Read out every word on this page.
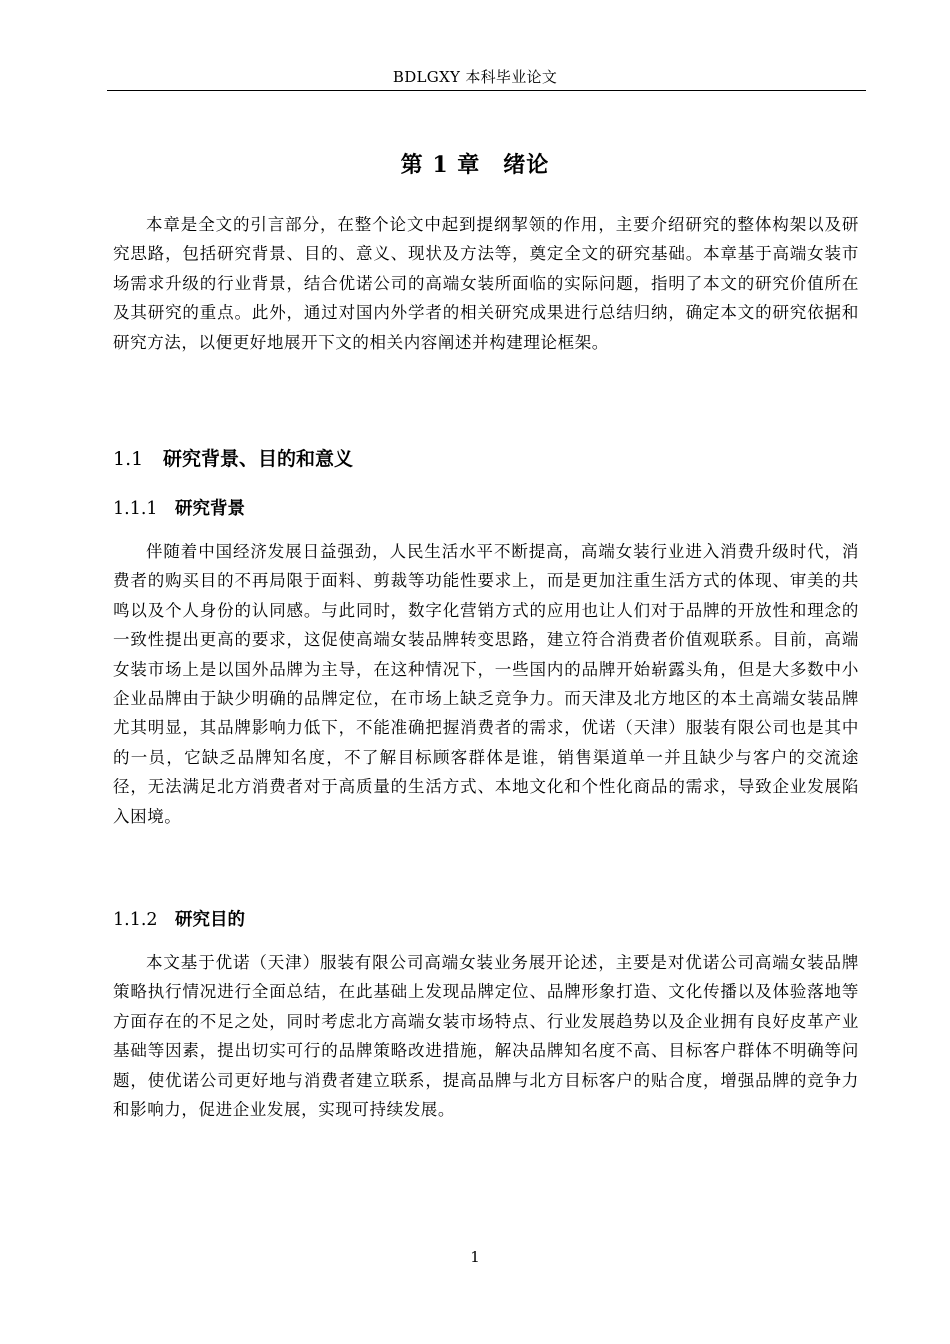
BDLGXY 本科毕业论文
第 1 章　绪论

本章是全文的引言部分，在整个论文中起到提纲挈领的作用，主要介绍研究的整体构架以及研究思路，包括研究背景、目的、意义、现状及方法等，奠定全文的研究基础。本章基于高端女装市场需求升级的行业背景，结合优诺公司的高端女装所面临的实际问题，指明了本文的研究价值所在及其研究的重点。此外，通过对国内外学者的相关研究成果进行总结归纳，确定本文的研究依据和研究方法，以便更好地展开下文的相关内容阐述并构建理论框架。

1.1 研究背景、目的和意义
1.1.1 研究背景

伴随着中国经济发展日益强劲，人民生活水平不断提高，高端女装行业进入消费升级时代，消费者的购买目的不再局限于面料、剪裁等功能性要求上，而是更加注重生活方式的体现、审美的共鸣以及个人身份的认同感。与此同时，数字化营销方式的应用也让人们对于品牌的开放性和理念的一致性提出更高的要求，这促使高端女装品牌转变思路，建立符合消费者价值观联系。目前，高端女装市场上是以国外品牌为主导，在这种情况下，一些国内的品牌开始崭露头角，但是大多数中小企业品牌由于缺少明确的品牌定位，在市场上缺乏竞争力。而天津及北方地区的本土高端女装品牌尤其明显，其品牌影响力低下，不能准确把握消费者的需求，优诺（天津）服装有限公司也是其中的一员，它缺乏品牌知名度，不了解目标顾客群体是谁，销售渠道单一并且缺少与客户的交流途径，无法满足北方消费者对于高质量的生活方式、本地文化和个性化商品的需求，导致企业发展陷入困境。

1.1.2 研究目的

本文基于优诺（天津）服装有限公司高端女装业务展开论述，主要是对优诺公司高端女装品牌策略执行情况进行全面总结，在此基础上发现品牌定位、品牌形象打造、文化传播以及体验落地等方面存在的不足之处，同时考虑北方高端女装市场特点、行业发展趋势以及企业拥有良好皮革产业基础等因素，提出切实可行的品牌策略改进措施，解决品牌知名度不高、目标客户群体不明确等问题，使优诺公司更好地与消费者建立联系，提高品牌与北方目标客户的贴合度，增强品牌的竞争力和影响力，促进企业发展，实现可持续发展。

1
